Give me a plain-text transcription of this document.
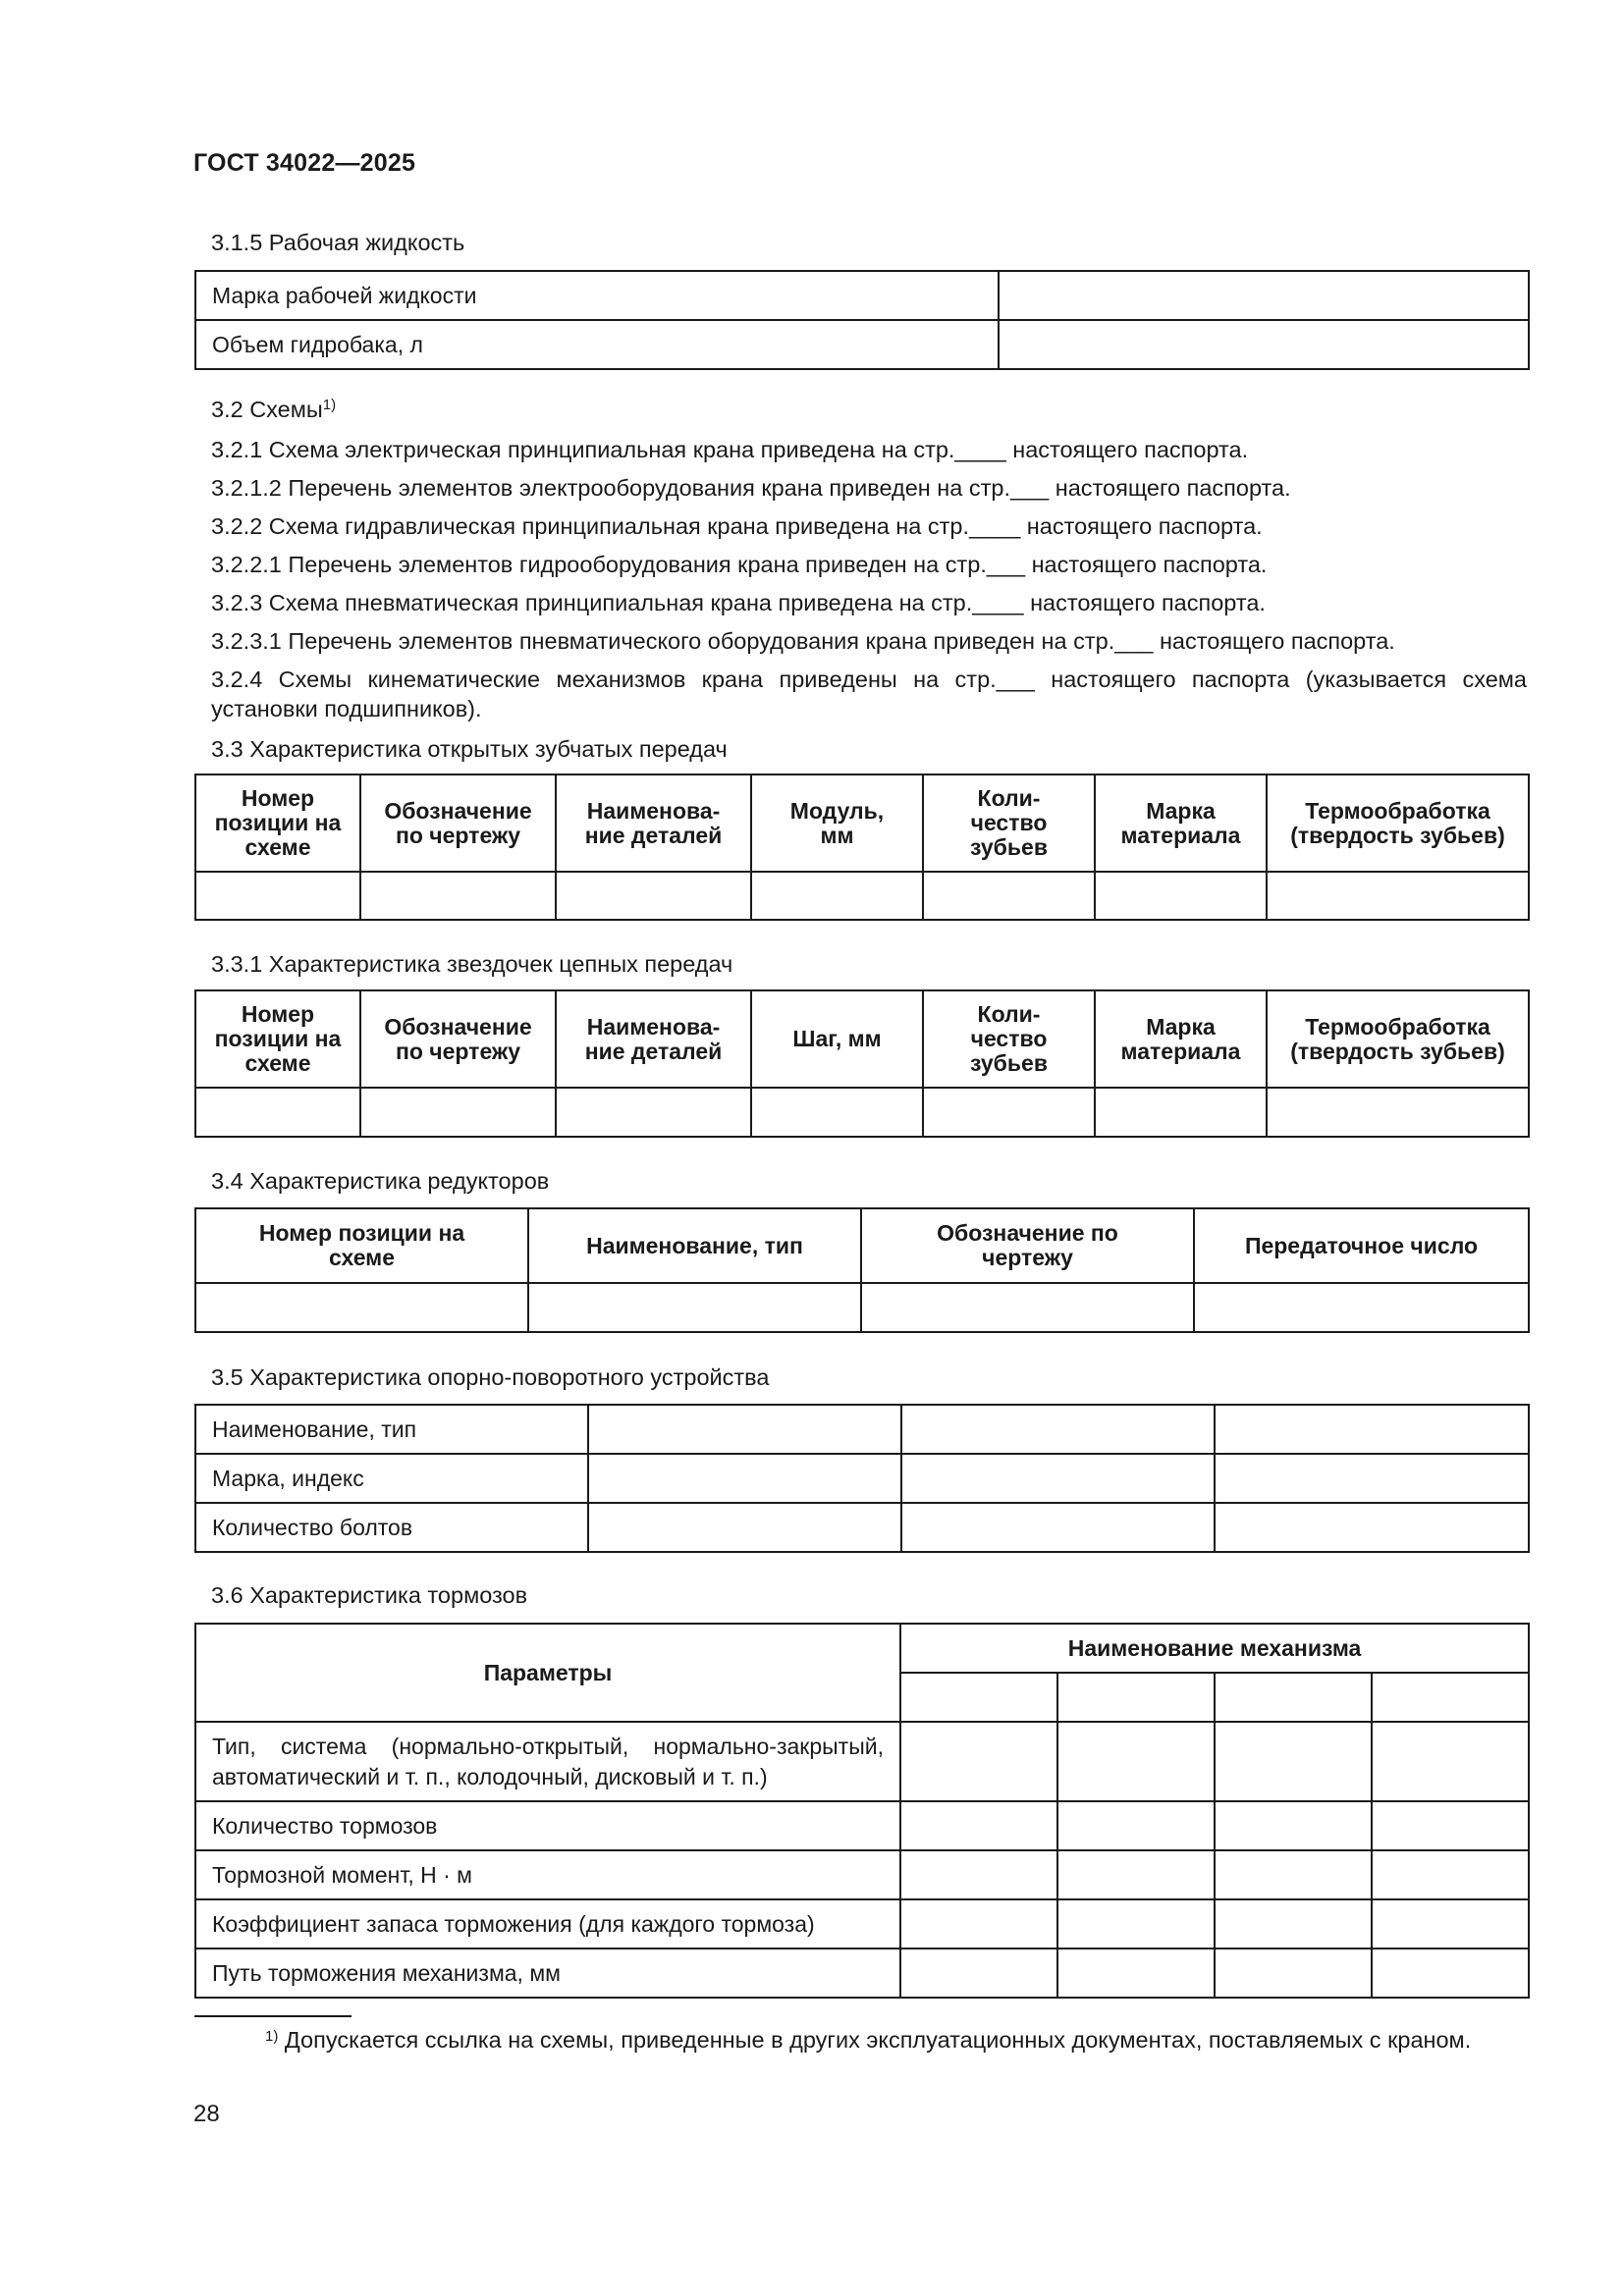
ГОСТ 34022—2025
3.1.5 Рабочая жидкость
Марка рабочей жидкости	
Объем гидробака, л	
3.2 Схемы$^{1)}$
3.2.1 Схема электрическая принципиальная крана приведена на стр.____ настоящего паспорта.
3.2.1.2 Перечень элементов электрооборудования крана приведен на стр.___ настоящего паспорта.
3.2.2 Схема гидравлическая принципиальная крана приведена на стр.____ настоящего паспорта.
3.2.2.1 Перечень элементов гидрооборудования крана приведен на стр.___ настоящего паспорта.
3.2.3 Схема пневматическая принципиальная крана приведена на стр.____ настоящего паспорта.
3.2.3.1 Перечень элементов пневматического оборудования крана приведен на стр.___ настоящего паспорта.
3.2.4 Схемы кинематические механизмов крана приведены на стр.___ настоящего паспорта (указывается схема установки подшипников).
3.3 Характеристика открытых зубчатых передач
Номер позиции на схеме	Обозначение по чертежу	Наименова-ние деталей	Модуль, мм	Коли-чество зубьев	Марка материала	Термообработка (твердость зубьев)

3.3.1 Характеристика звездочек цепных передач
Номер позиции на схеме	Обозначение по чертежу	Наименова-ние деталей	Шаг, мм	Коли-чество зубьев	Марка материала	Термообработка (твердость зубьев)

3.4 Характеристика редукторов
Номер позиции на схеме	Наименование, тип	Обозначение по чертежу	Передаточное число

3.5 Характеристика опорно-поворотного устройства
Наименование, тип			
Марка, индекс			
Количество болтов			
3.6 Характеристика тормозов
Параметры	Наименование механизма			

Тип, система (нормально-открытый, нормально-закрытый, автоматический и т. п., колодочный, дисковый и т. п.)				
Количество тормозов				
Тормозной момент, Н · м				
Коэффициент запаса торможения (для каждого тормоза)				
Путь торможения механизма, мм				
$^{1)}$ Допускается ссылка на схемы, приведенные в других эксплуатационных документах, поставляемых с краном.
28
